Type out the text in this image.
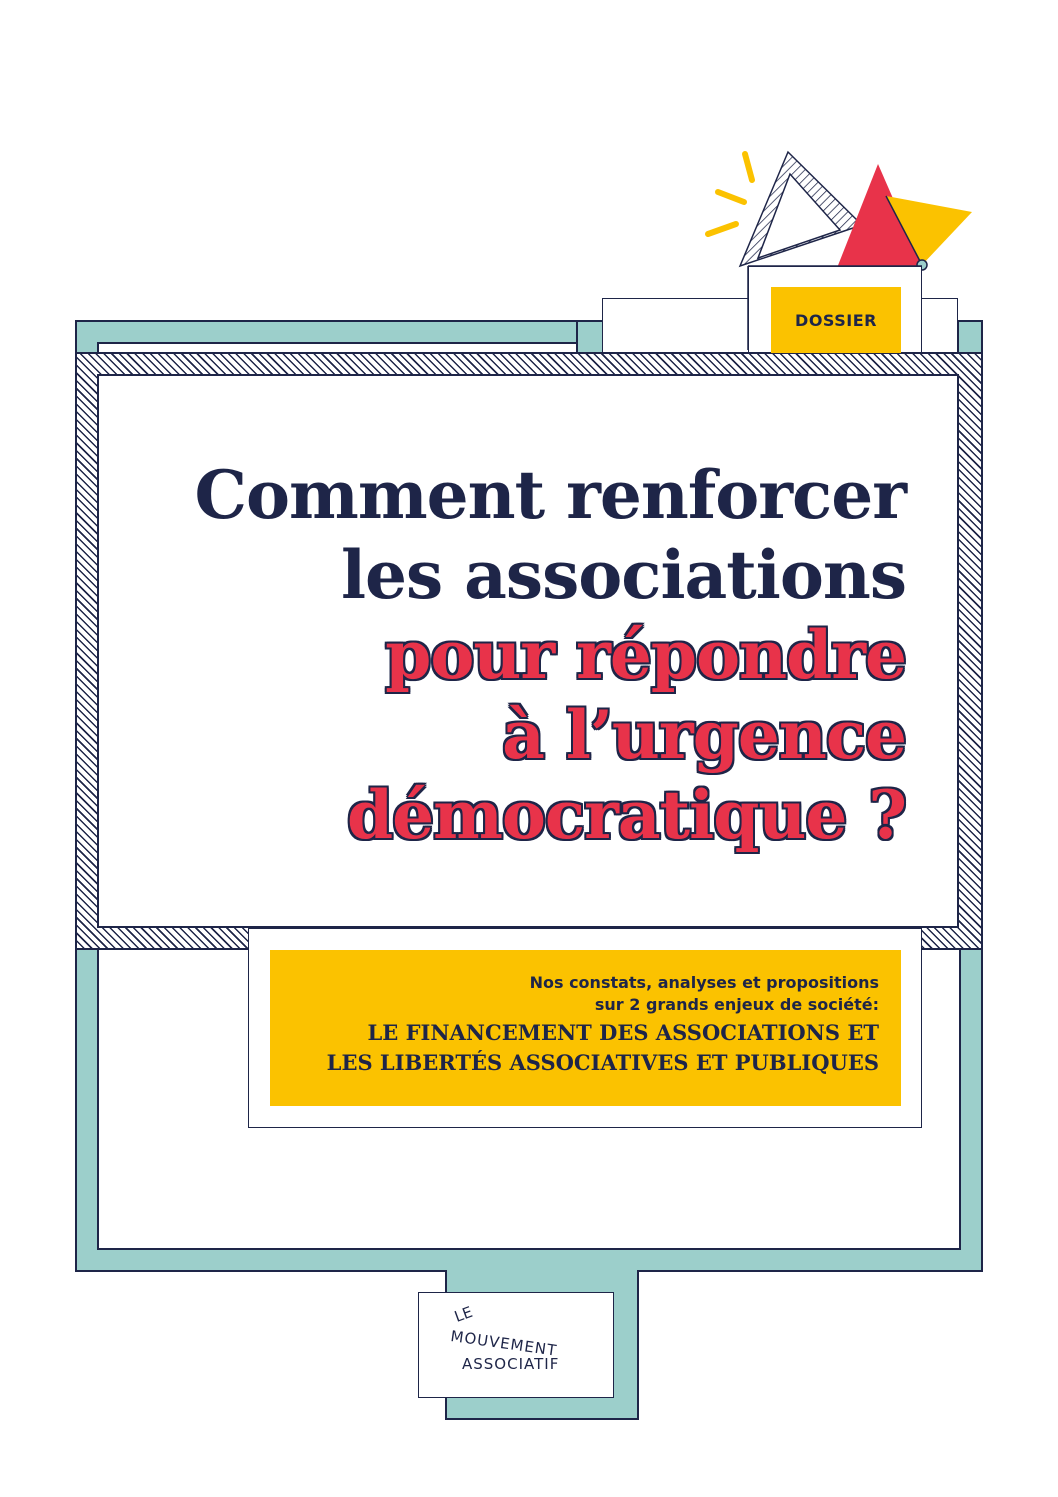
DOSSIER
Comment renforcer
les associations
pour répondre
à l’urgence
démocratique ?
Nos constats, analyses et propositions
sur 2 grands enjeux de société:
LE FINANCEMENT DES ASSOCIATIONS ET
LES LIBERTÉS ASSOCIATIVES ET PUBLIQUES
LE
MOUVEMENT
ASSOCIATIF
